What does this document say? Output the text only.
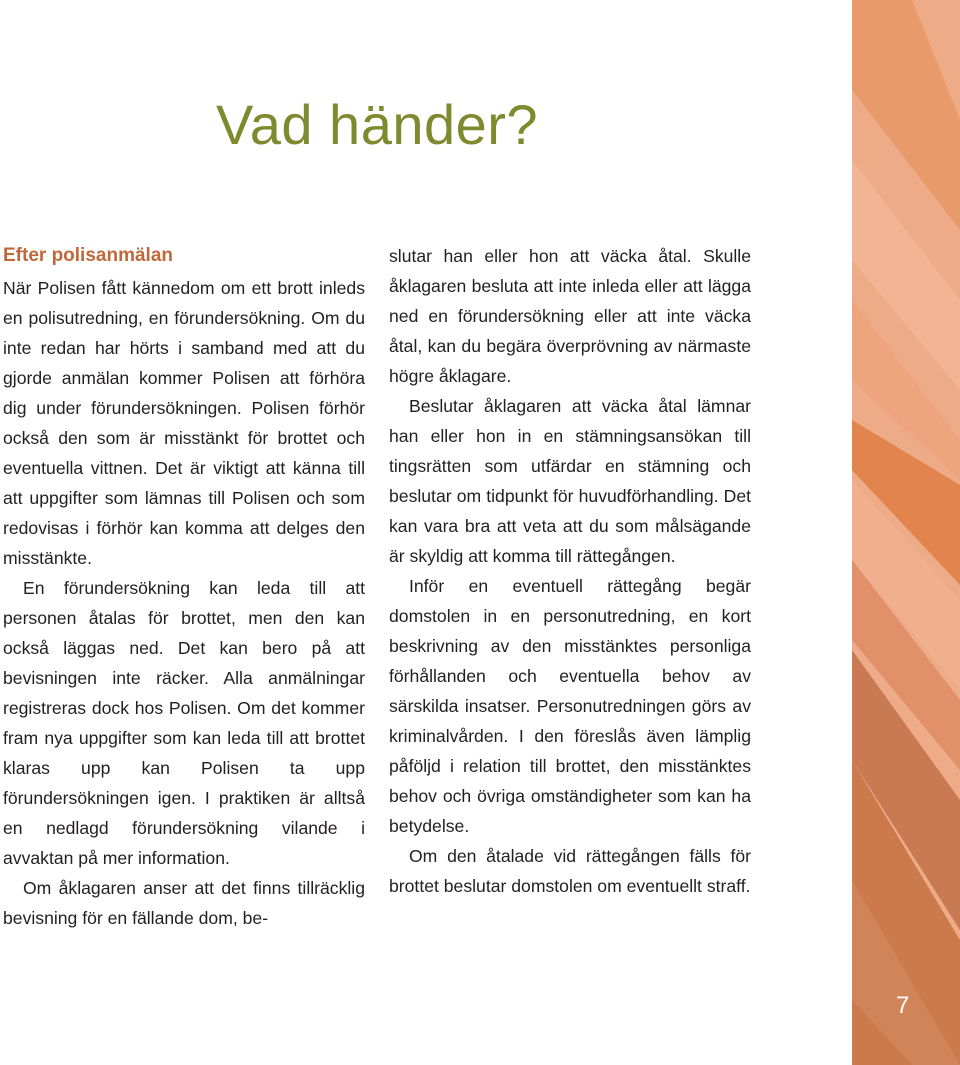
Vad händer?
Efter polisanmälan

När Polisen fått kännedom om ett brott inleds en polisutredning, en förundersökning. Om du inte redan har hörts i samband med att du gjorde anmälan kommer Polisen att förhöra dig under förundersökningen. Polisen förhör också den som är misstänkt för brottet och eventuella vittnen. Det är viktigt att känna till att uppgifter som lämnas till Polisen och som redovisas i förhör kan komma att delges den misstänkte.

En förundersökning kan leda till att personen åtalas för brottet, men den kan också läggas ned. Det kan bero på att bevisningen inte räcker. Alla anmälningar registreras dock hos Polisen. Om det kommer fram nya uppgifter som kan leda till att brottet klaras upp kan Polisen ta upp förundersökningen igen. I praktiken är alltså en nedlagd förundersökning vilande i avvaktan på mer information.

Om åklagaren anser att det finns tillräcklig bevisning för en fällande dom, be-

slutar han eller hon att väcka åtal. Skulle åklagaren besluta att inte inleda eller att lägga ned en förundersökning eller att inte väcka åtal, kan du begära överprövning av närmaste högre åklagare.

Beslutar åklagaren att väcka åtal lämnar han eller hon in en stämningsansökan till tingsrätten som utfärdar en stämning och beslutar om tidpunkt för huvudförhandling. Det kan vara bra att veta att du som målsägande är skyldig att komma till rättegången.

Inför en eventuell rättegång begär domstolen in en personutredning, en kort beskrivning av den misstänktes personliga förhållanden och eventuella behov av särskilda insatser. Personutredningen görs av kriminalvården. I den föreslås även lämplig påföljd i relation till brottet, den misstänktes behov och övriga omständigheter som kan ha betydelse.

Om den åtalade vid rättegången fälls för brottet beslutar domstolen om eventuellt straff.

7
